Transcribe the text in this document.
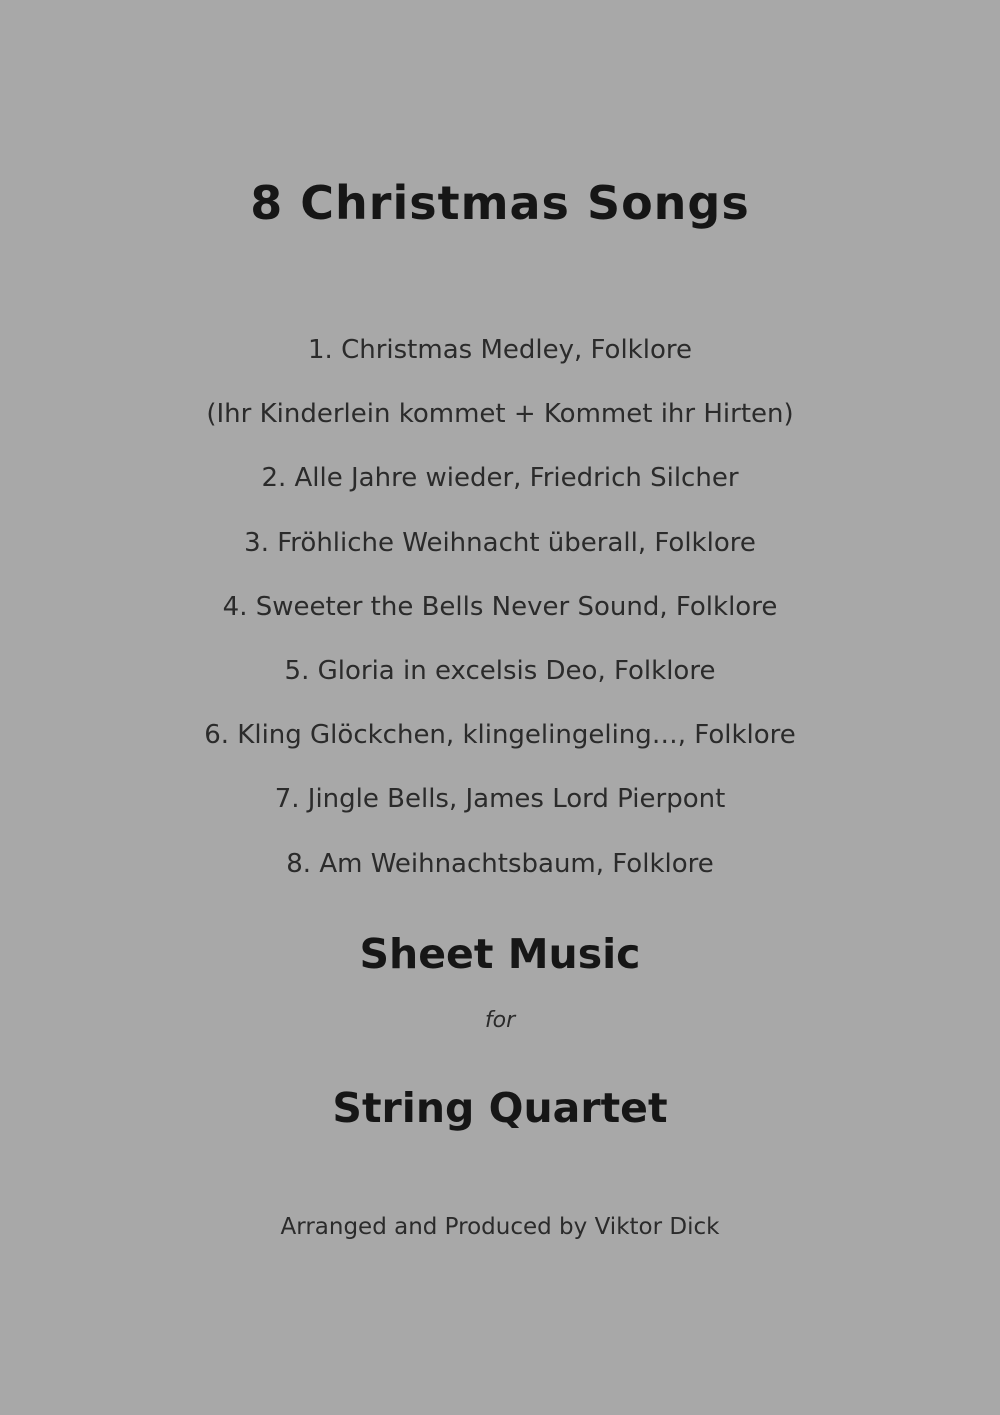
8 Christmas Songs
1. Christmas Medley, Folklore
(Ihr Kinderlein kommet + Kommet ihr Hirten)
2. Alle Jahre wieder, Friedrich Silcher
3. Fröhliche Weihnacht überall, Folklore
4. Sweeter the Bells Never Sound, Folklore
5. Gloria in excelsis Deo, Folklore
6. Kling Glöckchen, klingelingeling…, Folklore
7. Jingle Bells, James Lord Pierpont
8. Am Weihnachtsbaum, Folklore
Sheet Music
for
String Quartet
Arranged and Produced by Viktor Dick
